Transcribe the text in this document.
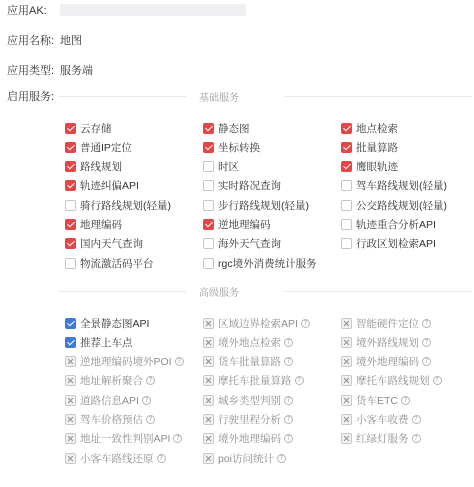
应用AK:
应用名称: 地图
应用类型: 服务端
启用服务:	基础服务
云存储	静态图	地点检索
普通IP定位	坐标转换	批量算路
路线规划	时区	鹰眼轨迹
轨迹纠偏API	实时路况查询	驾车路线规划(轻量)
骑行路线规划(轻量)	步行路线规划(轻量)	公交路线规划(轻量)
地理编码	逆地理编码	轨迹重合分析API
国内天气查询	海外天气查询	行政区划检索API
物流激活码平台	rgc境外消费统计服务
高级服务
全景静态图API	区域边界检索API ?	智能硬件定位 ?
推荐上车点	境外地点检索 ?	境外路线规划 ?
逆地理编码境外POI ?	货车批量算路 ?	境外地理编码 ?
地址解析聚合 ?	摩托车批量算路 ?	摩托车路线规划 ?
道路信息API ?	城乡类型判别 ?	货车ETC ?
驾车价格预估 ?	行驶里程分析 ?	小客车收费 ?
地址一致性判别API ?	境外地理编码 ?	红绿灯服务 ?
小客车路线还原 ?	poi访问统计 ?
